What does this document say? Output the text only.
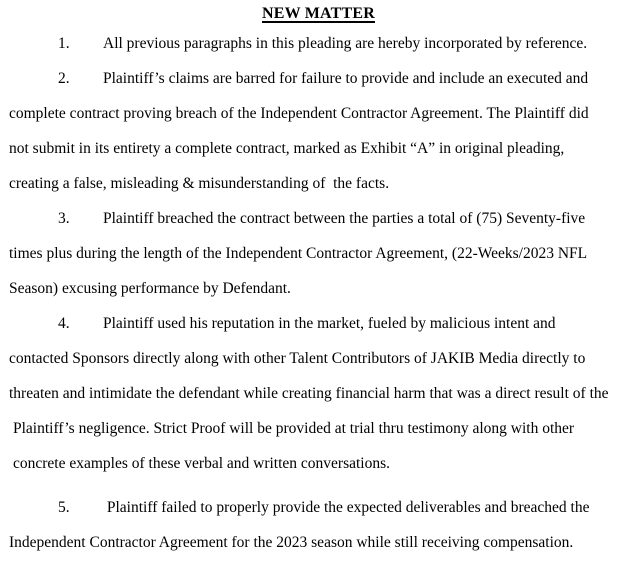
NEW MATTER
1. All previous paragraphs in this pleading are hereby incorporated by reference.
2. Plaintiff’s claims are barred for failure to provide and include an executed and
complete contract proving breach of the Independent Contractor Agreement. The Plaintiff did
not submit in its entirety a complete contract, marked as Exhibit “A” in original pleading,
creating a false, misleading & misunderstanding of  the facts.
3. Plaintiff breached the contract between the parties a total of (75) Seventy-five
times plus during the length of the Independent Contractor Agreement, (22-Weeks/2023 NFL
Season) excusing performance by Defendant.
4. Plaintiff used his reputation in the market, fueled by malicious intent and
contacted Sponsors directly along with other Talent Contributors of JAKIB Media directly to
threaten and intimidate the defendant while creating financial harm that was a direct result of the
Plaintiff’s negligence. Strict Proof will be provided at trial thru testimony along with other
concrete examples of these verbal and written conversations.
5. Plaintiff failed to properly provide the expected deliverables and breached the
Independent Contractor Agreement for the 2023 season while still receiving compensation.
